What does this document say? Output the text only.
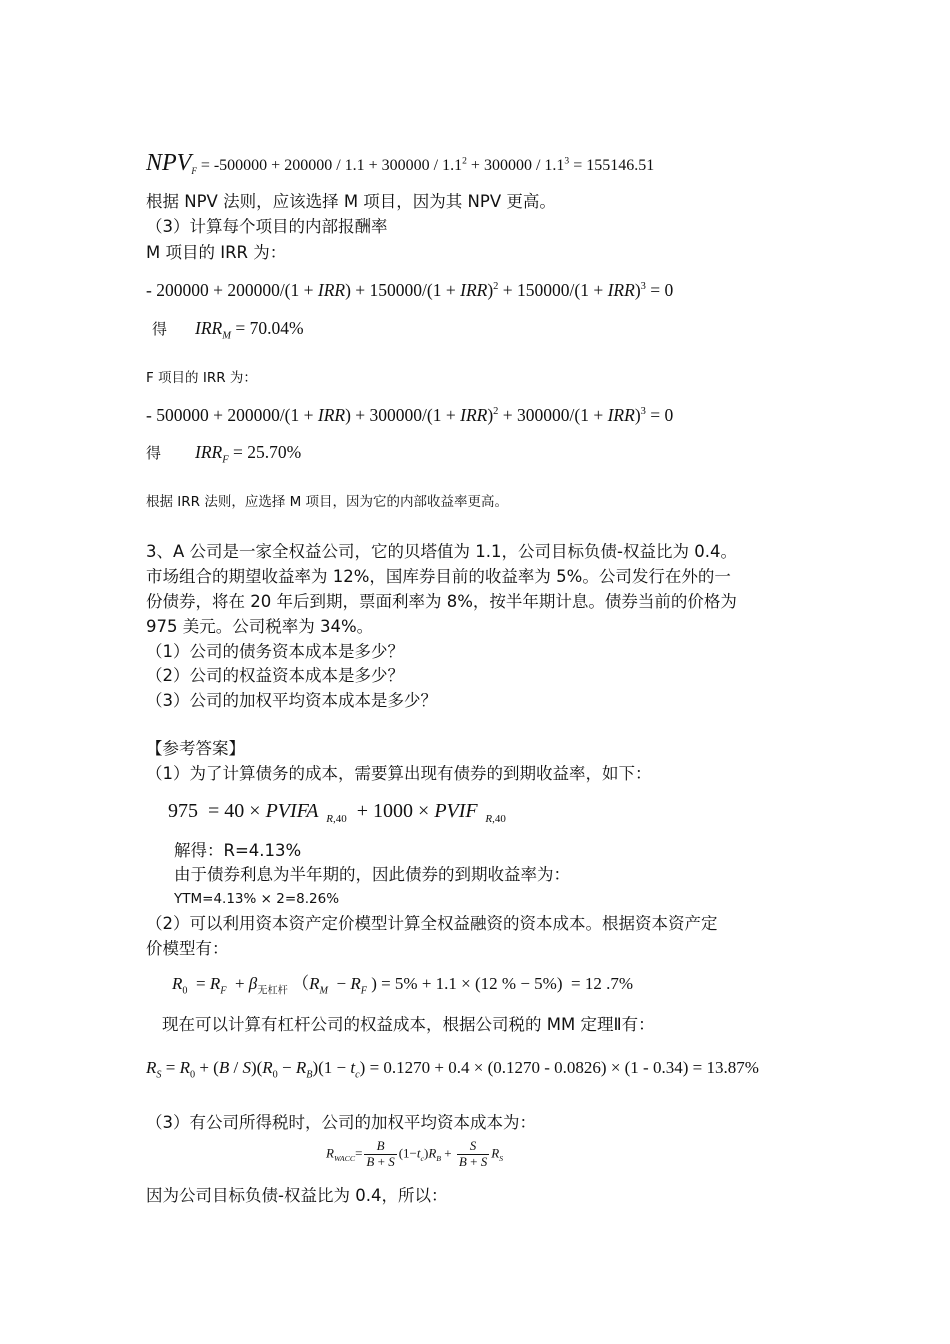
$NPV_F = -500000 + 200000 / 1.1 + 300000 / 1.1^2 + 300000 / 1.1^3 = 155146.51$
根据 NPV 法则，应该选择 M 项目，因为其 NPV 更高。
（3）计算每个项目的内部报酬率
M 项目的 IRR 为：
- 200000 + 200000/(1 + IRR) + 150000/(1 + IRR)$^2$ + 150000/(1 + IRR)$^3$ = 0
得 $IRR_M = 70.04\%$
F 项目的 IRR 为：
- 500000 + 200000/(1 + IRR) + 300000/(1 + IRR)$^2$ + 300000/(1 + IRR)$^3$ = 0
得 $IRR_F = 25.70\%$
根据 IRR 法则，应选择 M 项目，因为它的内部收益率更高。
3、A 公司是一家全权益公司，它的贝塔值为 1.1，公司目标负债-权益比为 0.4。
市场组合的期望收益率为 12%，国库券目前的收益率为 5%。公司发行在外的一
份债券，将在 20 年后到期，票面利率为 8%，按半年期计息。债券当前的价格为
975 美元。公司税率为 34%。
（1）公司的债务资本成本是多少？
（2）公司的权益资本成本是多少？
（3）公司的加权平均资本成本是多少？
【参考答案】
（1）为了计算债务的成本，需要算出现有债券的到期收益率，如下：
975  = 40 × PVIFA $_{R,40}$  + 1000 × PVIF $_{R,40}$
解得：R=4.13%
由于债券利息为半年期的，因此债券的到期收益率为：
YTM=4.13% × 2=8.26%
（2）可以利用资本资产定价模型计算全权益融资的资本成本。根据资本资产定
价模型有：
$R_0 = R_F + \beta_{无杠杆}$ （$R_M - R_F$ ) = 5% + 1.1 × (12 % − 5%)  = 12 .7%
现在可以计算有杠杆公司的权益成本，根据公司税的 MM 定理Ⅱ有：
$R_S = R_0 + (B / S)(R_0 - R_B)(1 - t_c) = 0.1270 + 0.4 \times (0.1270 - 0.0826) \times (1 - 0.34) = 13.87\%$
（3）有公司所得税时，公司的加权平均资本成本为：
$R_{WACC}= \frac{B}{B + S} (1-t_c)R_B + \frac{S}{B + S} R_S$
因为公司目标负债-权益比为 0.4，所以：
